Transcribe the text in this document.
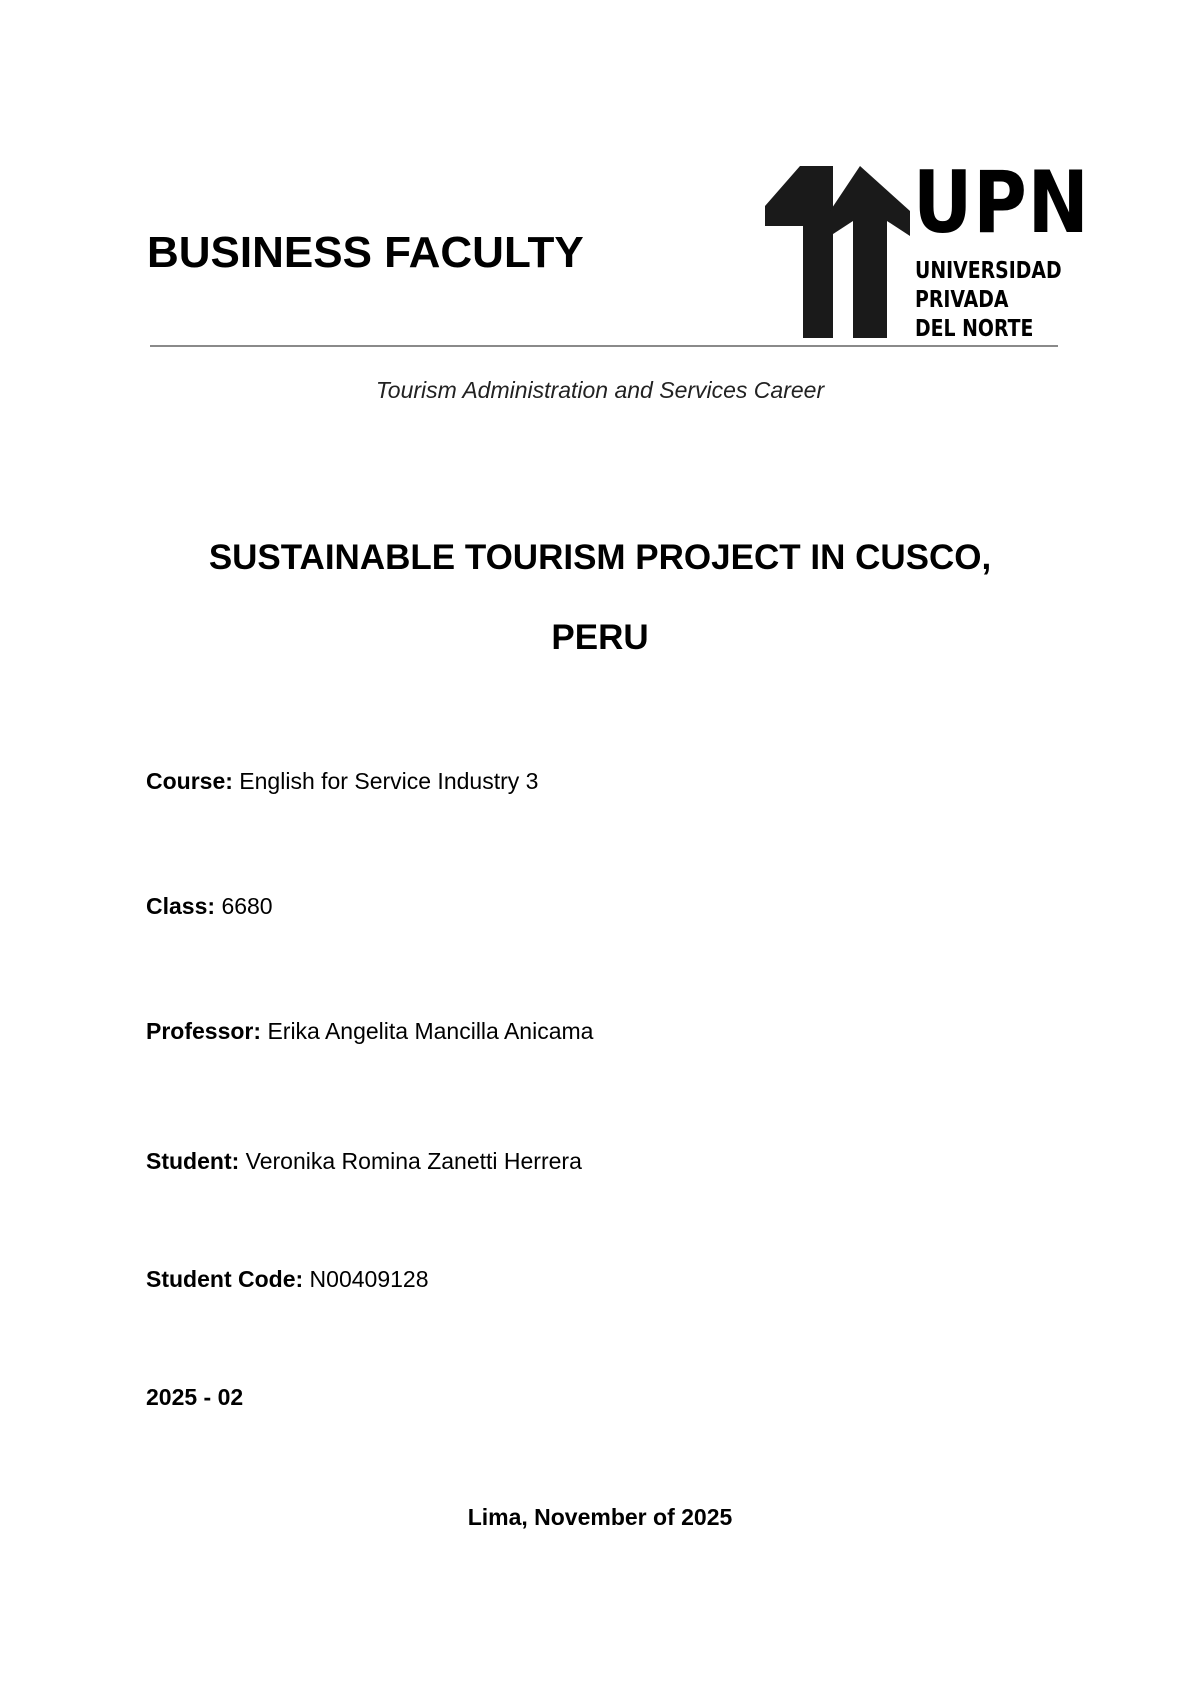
BUSINESS FACULTY	UPN
UNIVERSIDAD
PRIVADA
DEL NORTE
Tourism Administration and Services Career
SUSTAINABLE TOURISM PROJECT IN CUSCO,
PERU
Course: English for Service Industry 3
Class: 6680
Professor: Erika Angelita Mancilla Anicama
Student: Veronika Romina Zanetti Herrera
Student Code: N00409128
2025 - 02
Lima, November of 2025
